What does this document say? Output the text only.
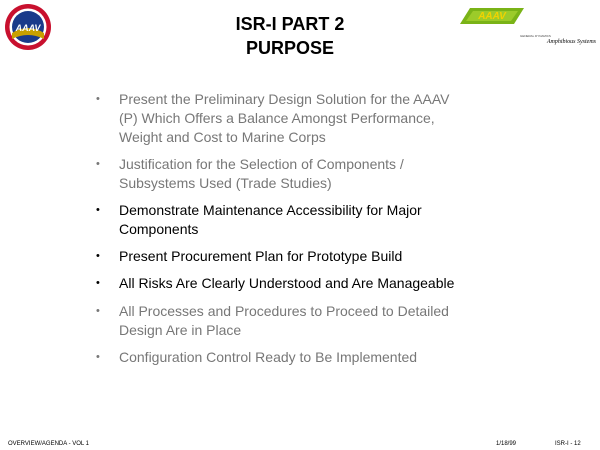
AAAV
AAAV
GENERAL DYNAMICS
Amphibious Systems
ISR-I PART 2
PURPOSE
•	Present the Preliminary Design Solution for the AAAV
(P) Which Offers a Balance Amongst Performance,
Weight and Cost to Marine Corps
•	Justification for the Selection of Components /
Subsystems Used (Trade Studies)
•	Demonstrate Maintenance Accessibility for Major
Components
•	Present Procurement Plan for Prototype Build
•	All Risks Are Clearly Understood and Are Manageable
•	All Processes and Procedures to Proceed to Detailed
Design Are in Place
•	Configuration Control Ready to Be Implemented
OVERVIEW/AGENDA - VOL 1	1/18/99	ISR-I - 12
